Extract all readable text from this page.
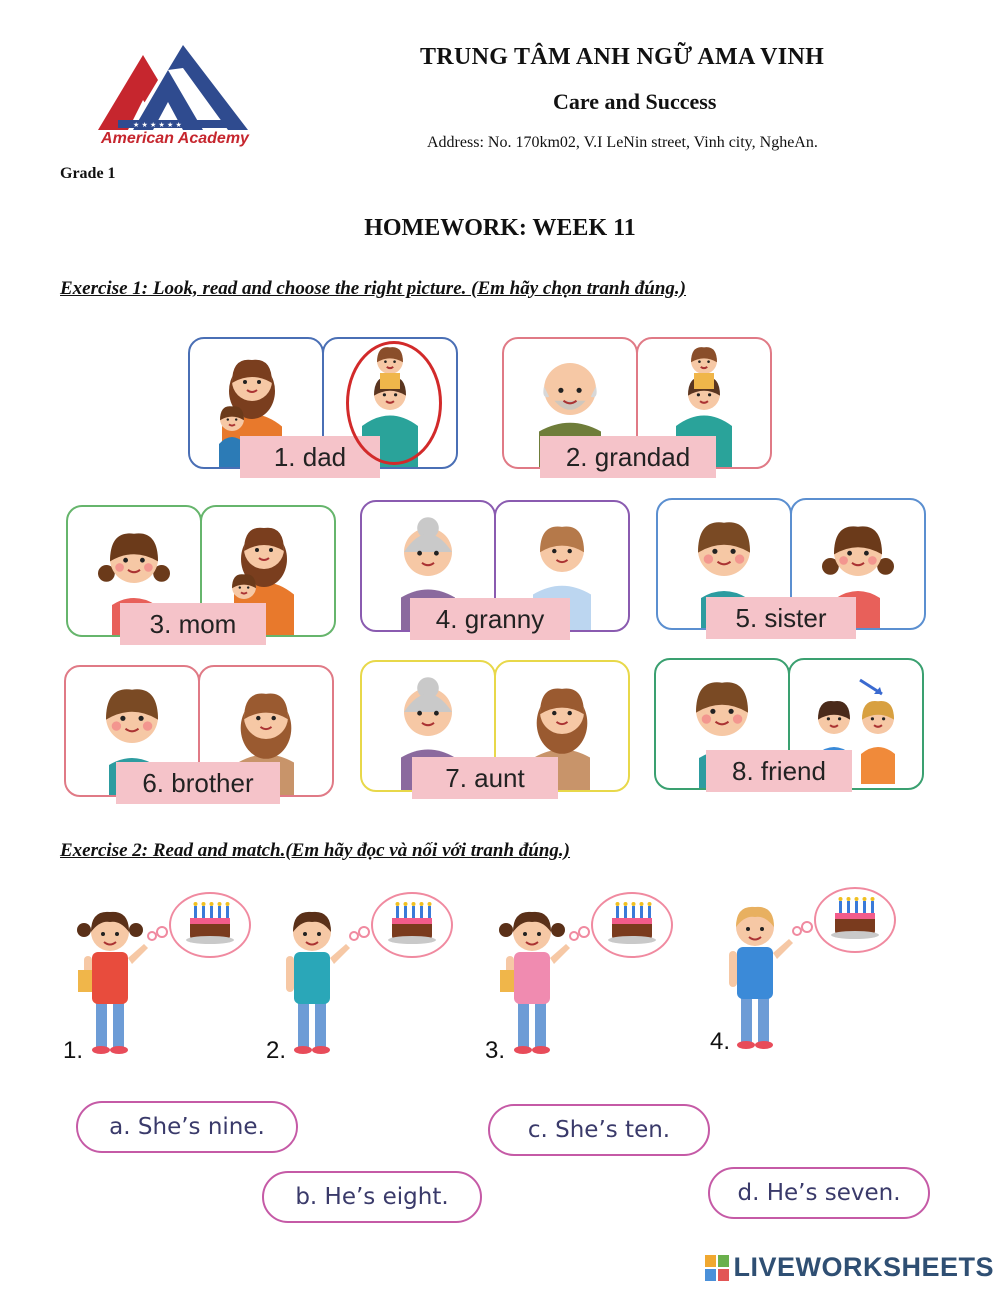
★ ★ ★ ★ ★ ★
American Academy
TRUNG TÂM ANH NGỮ AMA VINH
Care and Success
Address: No. 170km02, V.I LeNin street, Vinh city, NgheAn.
Grade 1
HOMEWORK: WEEK 11
Exercise 1: Look, read and choose the right picture. (Em hãy chọn tranh đúng.)
1. dad	2. grandad
3. mom	4. granny	5. sister
6. brother	7. aunt	8. friend
Exercise 2: Read and match.(Em hãy đọc và nối với tranh đúng.)
1.	2.	3.	4.
a. She’s nine.
b. He’s eight.
c. She’s ten.
d. He’s seven.
LIVEWORKSHEETS
